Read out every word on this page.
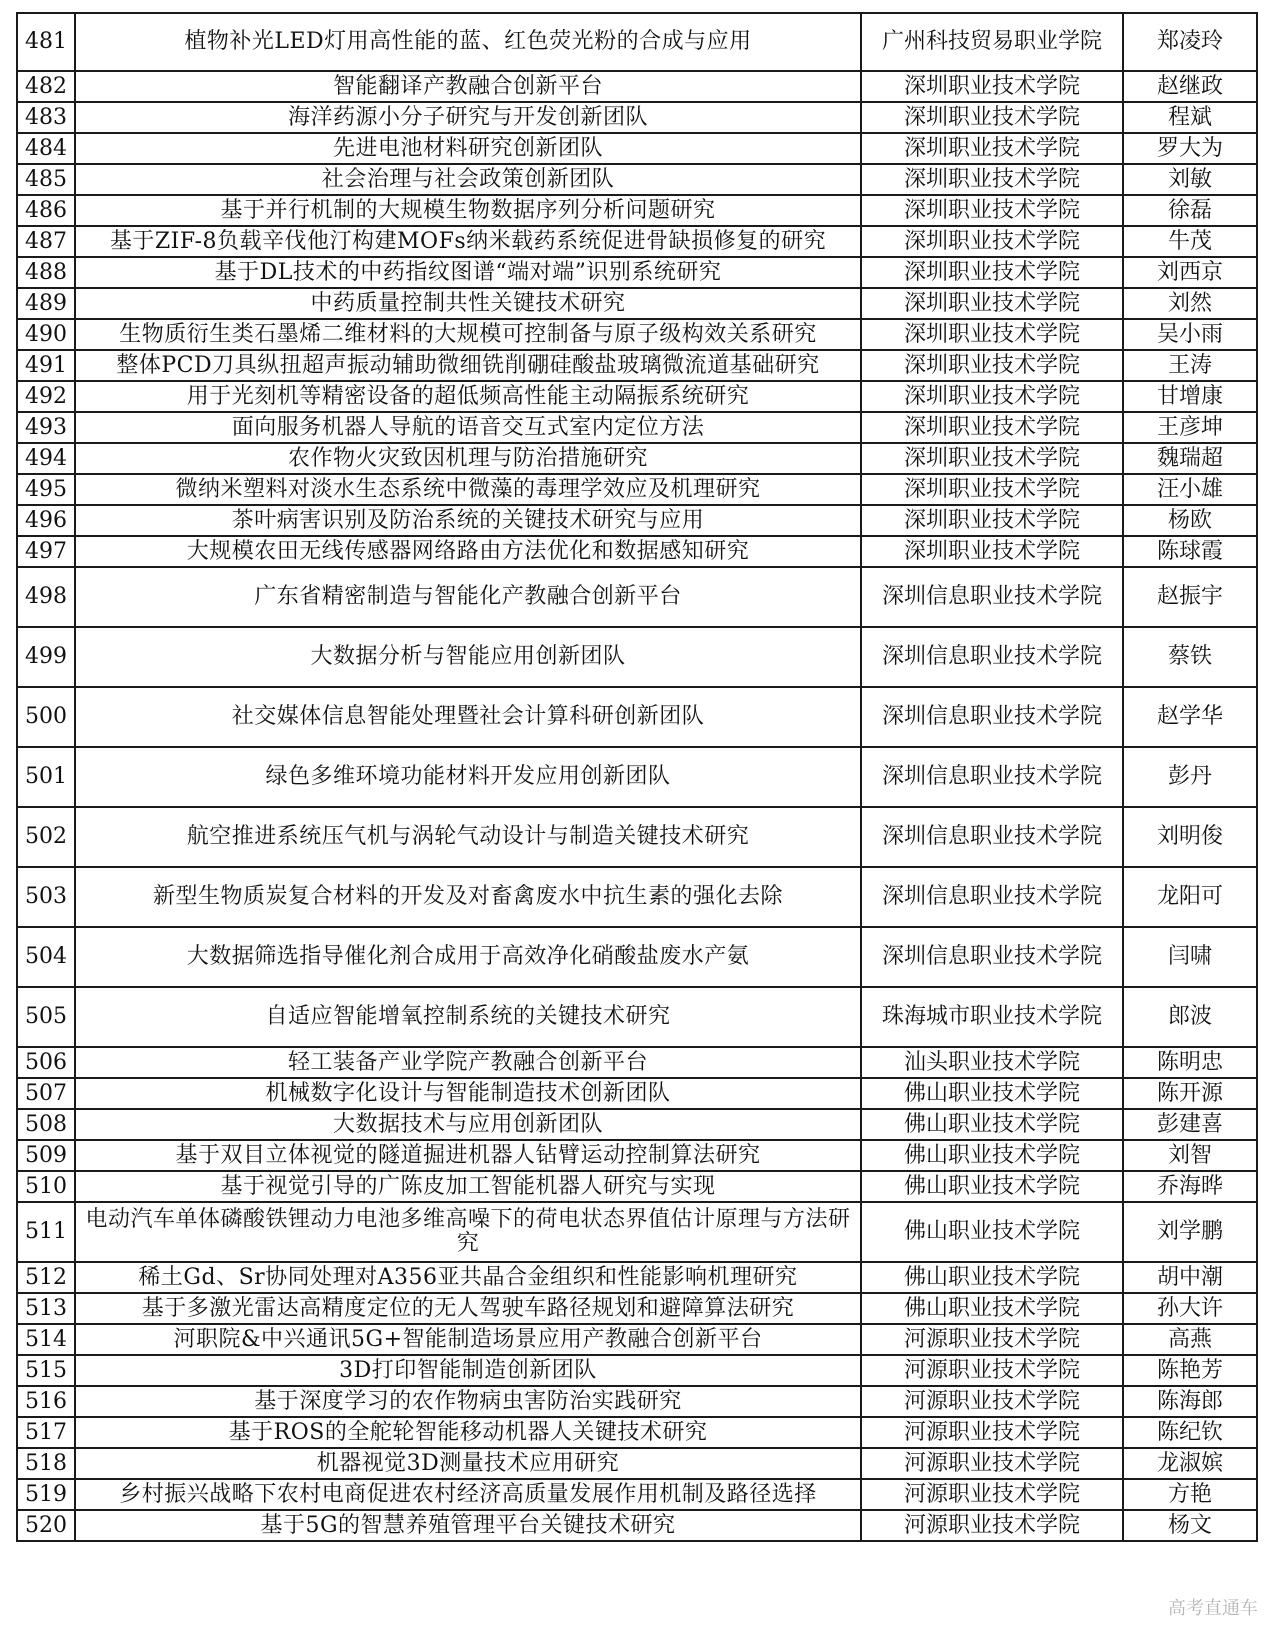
481	植物补光LED灯用高性能的蓝、红色荧光粉的合成与应用	广州科技贸易职业学院	郑凌玲
482	智能翻译产教融合创新平台	深圳职业技术学院	赵继政
483	海洋药源小分子研究与开发创新团队	深圳职业技术学院	程斌
484	先进电池材料研究创新团队	深圳职业技术学院	罗大为
485	社会治理与社会政策创新团队	深圳职业技术学院	刘敏
486	基于并行机制的大规模生物数据序列分析问题研究	深圳职业技术学院	徐磊
487	基于ZIF-8负载辛伐他汀构建MOFs纳米载药系统促进骨缺损修复的研究	深圳职业技术学院	牛茂
488	基于DL技术的中药指纹图谱“端对端”识别系统研究	深圳职业技术学院	刘西京
489	中药质量控制共性关键技术研究	深圳职业技术学院	刘然
490	生物质衍生类石墨烯二维材料的大规模可控制备与原子级构效关系研究	深圳职业技术学院	吴小雨
491	整体PCD刀具纵扭超声振动辅助微细铣削硼硅酸盐玻璃微流道基础研究	深圳职业技术学院	王涛
492	用于光刻机等精密设备的超低频高性能主动隔振系统研究	深圳职业技术学院	甘增康
493	面向服务机器人导航的语音交互式室内定位方法	深圳职业技术学院	王彦坤
494	农作物火灾致因机理与防治措施研究	深圳职业技术学院	魏瑞超
495	微纳米塑料对淡水生态系统中微藻的毒理学效应及机理研究	深圳职业技术学院	汪小雄
496	茶叶病害识别及防治系统的关键技术研究与应用	深圳职业技术学院	杨欧
497	大规模农田无线传感器网络路由方法优化和数据感知研究	深圳职业技术学院	陈球霞
498	广东省精密制造与智能化产教融合创新平台	深圳信息职业技术学院	赵振宇
499	大数据分析与智能应用创新团队	深圳信息职业技术学院	蔡铁
500	社交媒体信息智能处理暨社会计算科研创新团队	深圳信息职业技术学院	赵学华
501	绿色多维环境功能材料开发应用创新团队	深圳信息职业技术学院	彭丹
502	航空推进系统压气机与涡轮气动设计与制造关键技术研究	深圳信息职业技术学院	刘明俊
503	新型生物质炭复合材料的开发及对畜禽废水中抗生素的强化去除	深圳信息职业技术学院	龙阳可
504	大数据筛选指导催化剂合成用于高效净化硝酸盐废水产氨	深圳信息职业技术学院	闫啸
505	自适应智能增氧控制系统的关键技术研究	珠海城市职业技术学院	郎波
506	轻工装备产业学院产教融合创新平台	汕头职业技术学院	陈明忠
507	机械数字化设计与智能制造技术创新团队	佛山职业技术学院	陈开源
508	大数据技术与应用创新团队	佛山职业技术学院	彭建喜
509	基于双目立体视觉的隧道掘进机器人钻臂运动控制算法研究	佛山职业技术学院	刘智
510	基于视觉引导的广陈皮加工智能机器人研究与实现	佛山职业技术学院	乔海晔
511	电动汽车单体磷酸铁锂动力电池多维高噪下的荷电状态界值估计原理与方法研究	佛山职业技术学院	刘学鹏
512	稀土Gd、Sr协同处理对A356亚共晶合金组织和性能影响机理研究	佛山职业技术学院	胡中潮
513	基于多激光雷达高精度定位的无人驾驶车路径规划和避障算法研究	佛山职业技术学院	孙大许
514	河职院&中兴通讯5G+智能制造场景应用产教融合创新平台	河源职业技术学院	高燕
515	3D打印智能制造创新团队	河源职业技术学院	陈艳芳
516	基于深度学习的农作物病虫害防治实践研究	河源职业技术学院	陈海郎
517	基于ROS的全舵轮智能移动机器人关键技术研究	河源职业技术学院	陈纪钦
518	机器视觉3D测量技术应用研究	河源职业技术学院	龙淑嫔
519	乡村振兴战略下农村电商促进农村经济高质量发展作用机制及路径选择	河源职业技术学院	方艳
520	基于5G的智慧养殖管理平台关键技术研究	河源职业技术学院	杨文
高考直通车
